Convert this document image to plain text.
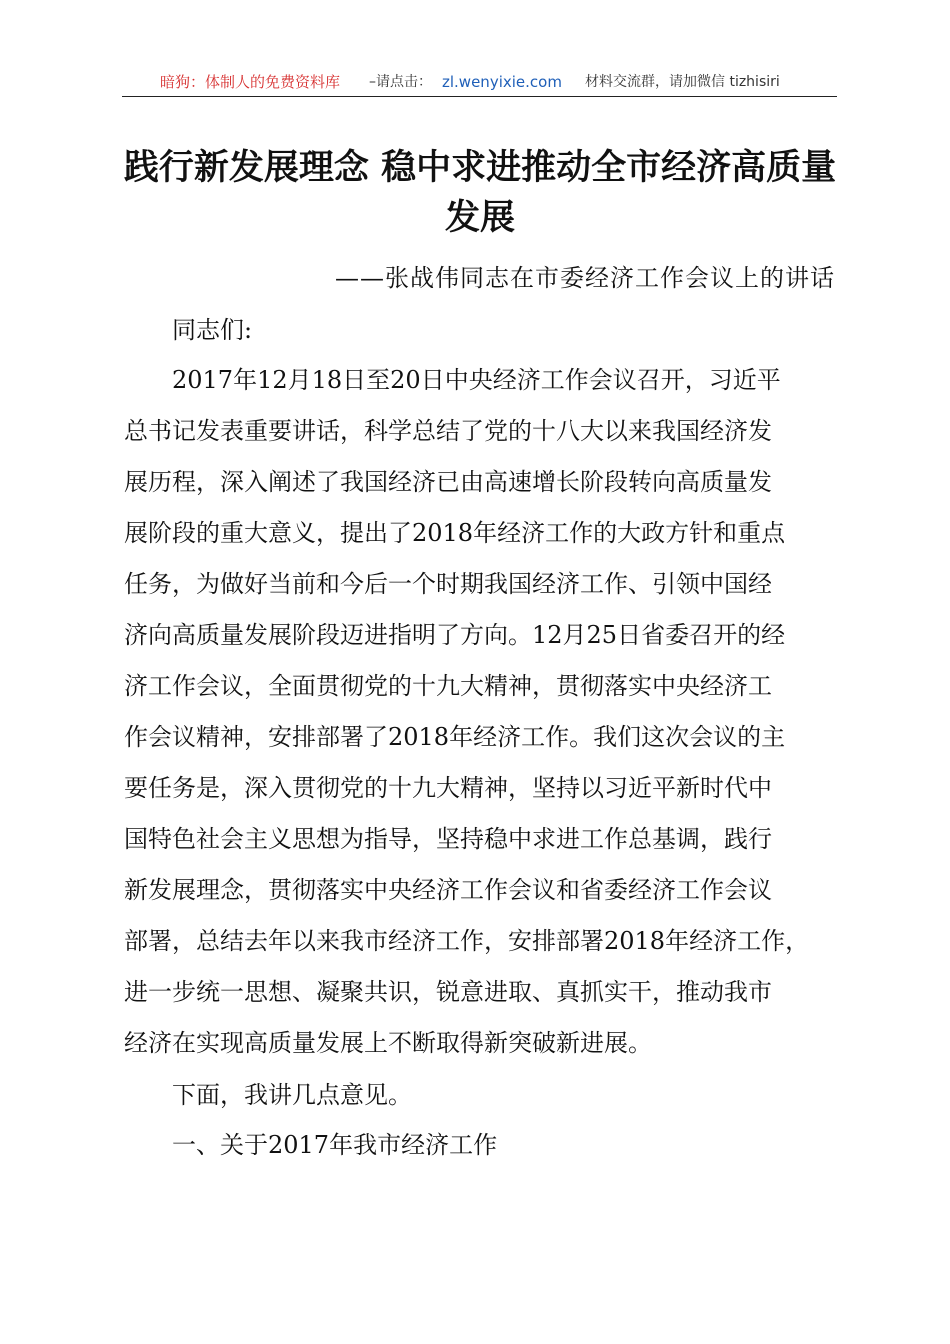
暗狗：体制人的免费资料库 –请点击： zl.wenyixie.com 材料交流群，请加微信 tizhisiri
践行新发展理念 稳中求进推动全市经济高质量
发展
——张战伟同志在市委经济工作会议上的讲话
同志们:
2017年12月18日至20日中央经济工作会议召开，习近平
总书记发表重要讲话，科学总结了党的十八大以来我国经济发
展历程，深入阐述了我国经济已由高速增长阶段转向高质量发
展阶段的重大意义，提出了2018年经济工作的大政方针和重点
任务，为做好当前和今后一个时期我国经济工作、引领中国经
济向高质量发展阶段迈进指明了方向。12月25日省委召开的经
济工作会议，全面贯彻党的十九大精神，贯彻落实中央经济工
作会议精神，安排部署了2018年经济工作。我们这次会议的主
要任务是，深入贯彻党的十九大精神，坚持以习近平新时代中
国特色社会主义思想为指导，坚持稳中求进工作总基调，践行
新发展理念，贯彻落实中央经济工作会议和省委经济工作会议
部署，总结去年以来我市经济工作，安排部署2018年经济工作，
进一步统一思想、凝聚共识，锐意进取、真抓实干，推动我市
经济在实现高质量发展上不断取得新突破新进展。
下面，我讲几点意见。
一、关于2017年我市经济工作
